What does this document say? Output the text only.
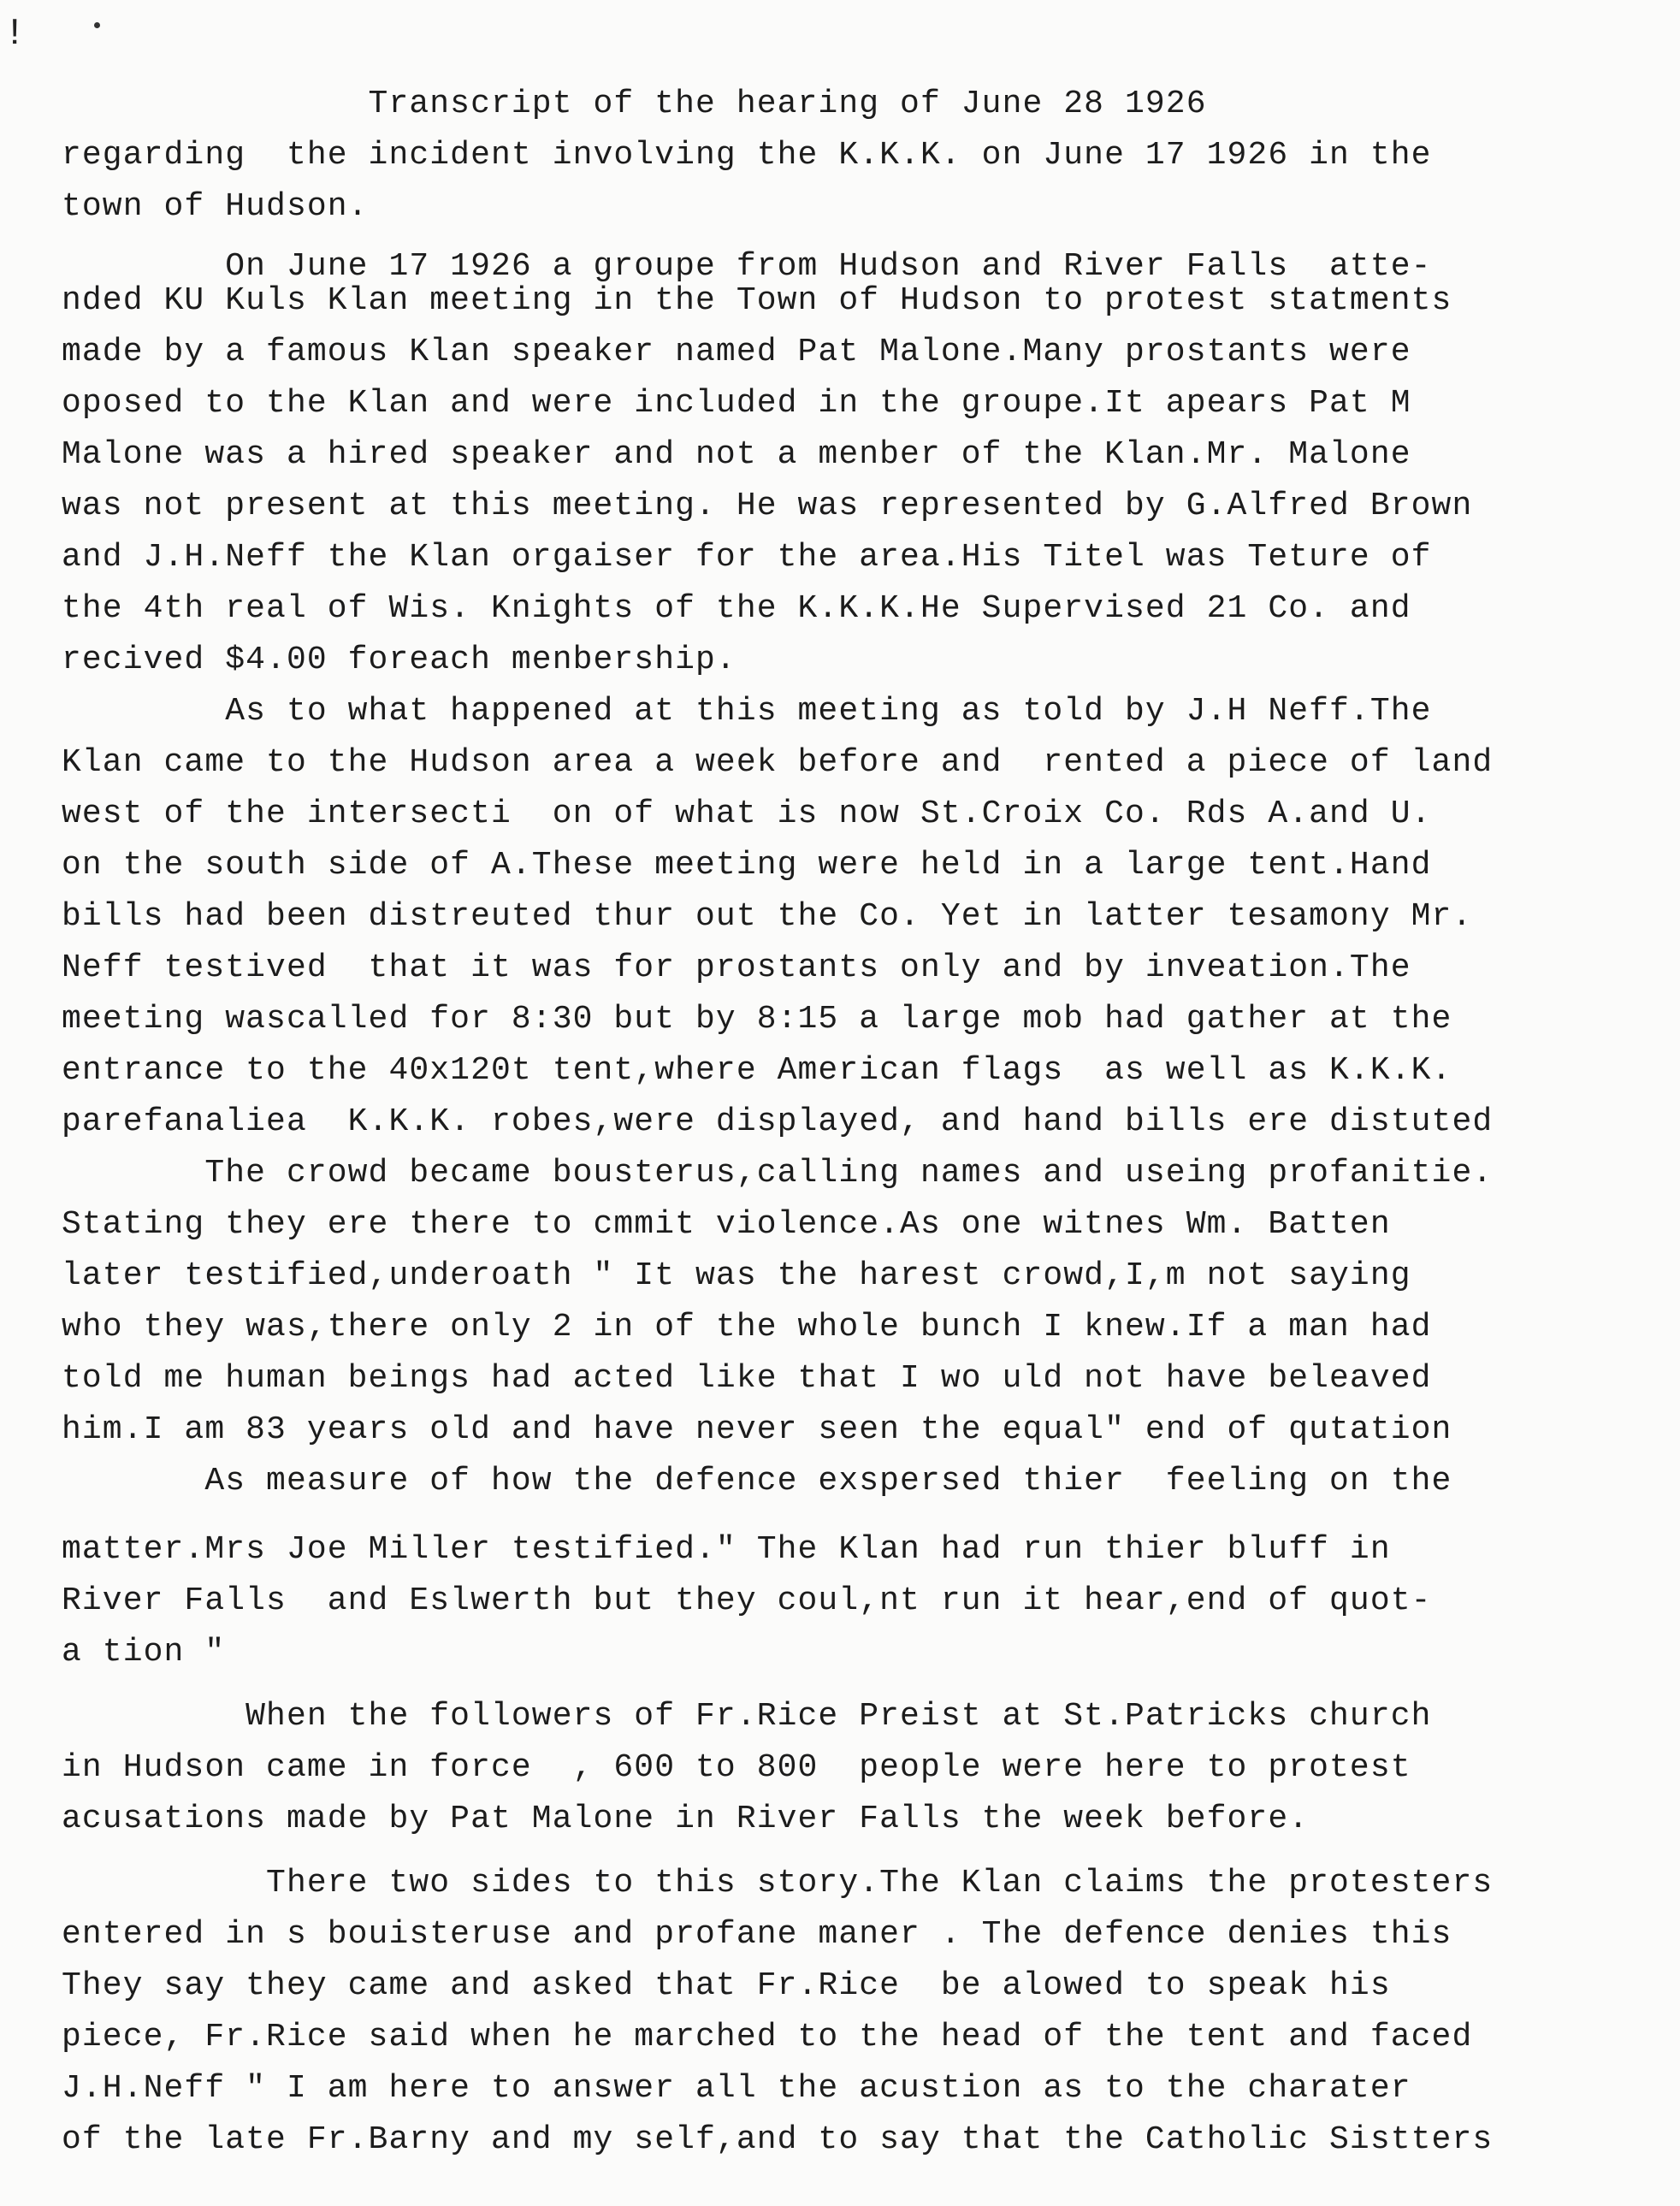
!
Transcript of the hearing of June 28 1926
regarding  the incident involving the K.K.K. on June 17 1926 in the
town of Hudson.
On June 17 1926 a groupe from Hudson and River Falls  atte-
nded KU Kuls Klan meeting in the Town of Hudson to protest statments
made by a famous Klan speaker named Pat Malone.Many prostants were
oposed to the Klan and were included in the groupe.It apears Pat M
Malone was a hired speaker and not a menber of the Klan.Mr. Malone
was not present at this meeting. He was represented by G.Alfred Brown
and J.H.Neff the Klan orgaiser for the area.His Titel was Teture of
the 4th real of Wis. Knights of the K.K.K.He Supervised 21 Co. and
recived $4.00 foreach menbership.
As to what happened at this meeting as told by J.H Neff.The
Klan came to the Hudson area a week before and  rented a piece of land
west of the intersecti  on of what is now St.Croix Co. Rds A.and U.
on the south side of A.These meeting were held in a large tent.Hand
bills had been distreuted thur out the Co. Yet in latter tesamony Mr.
Neff testived  that it was for prostants only and by inveation.The
meeting wascalled for 8:30 but by 8:15 a large mob had gather at the
entrance to the 40x120t tent,where American flags  as well as K.K.K.
parefanaliea  K.K.K. robes,were displayed, and hand bills ere distuted
The crowd became bousterus,calling names and useing profanitie.
Stating they ere there to cmmit violence.As one witnes Wm. Batten
later testified,underoath " It was the harest crowd,I,m not saying
who they was,there only 2 in of the whole bunch I knew.If a man had
told me human beings had acted like that I wo uld not have beleaved
him.I am 83 years old and have never seen the equal" end of qutation
As measure of how the defence exspersed thier  feeling on the
matter.Mrs Joe Miller testified." The Klan had run thier bluff in
River Falls  and Eslwerth but they coul,nt run it hear,end of quot-
a tion "
When the followers of Fr.Rice Preist at St.Patricks church
in Hudson came in force  , 600 to 800  people were here to protest
acusations made by Pat Malone in River Falls the week before.
There two sides to this story.The Klan claims the protesters
entered in s bouisteruse and profane maner . The defence denies this
They say they came and asked that Fr.Rice  be alowed to speak his
piece, Fr.Rice said when he marched to the head of the tent and faced
J.H.Neff " I am here to answer all the acustion as to the charater
of the late Fr.Barny and my self,and to say that the Catholic Sistters
